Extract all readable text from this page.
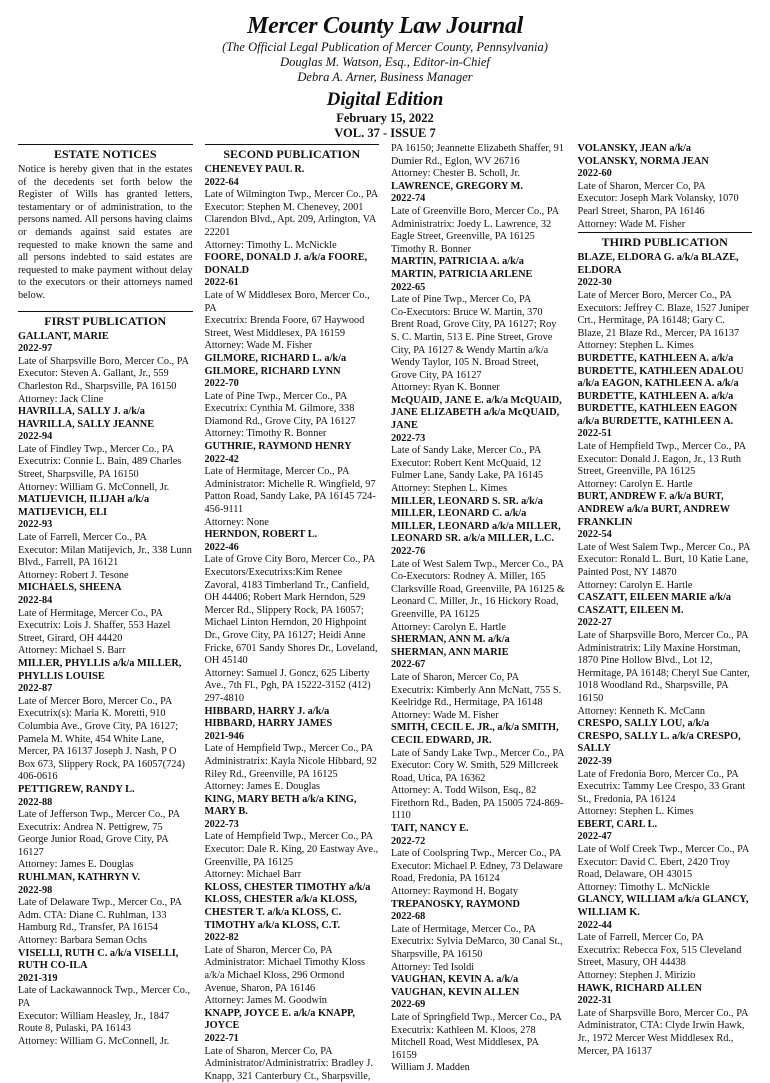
Mercer County Law Journal
(The Official Legal Publication of Mercer County, Pennsylvania)
Douglas M. Watson, Esq., Editor-in-Chief
Debra A. Arner, Business Manager
Digital Edition
February 15, 2022
VOL. 37 - ISSUE 7
ESTATE NOTICES

Notice is hereby given that in the estates of the decedents set forth below the Register of Wills has granted letters, testamentary or of administration, to the persons named. All persons having claims or demands against said estates are requested to make known the same and all persons indebted to said estates are requested to make payment without delay to the executors or their attorneys named below.

FIRST PUBLICATION

GALLANT, MARIE

2022-97

Late of Sharpsville Boro, Mercer Co., PA

Executor: Steven A. Gallant, Jr., 559 Charleston Rd., Sharpsville, PA 16150

Attorney: Jack Cline

HAVRILLA, SALLY J. a/k/a HAVRILLA, SALLY JEANNE

2022-94

Late of Findley Twp., Mercer Co., PA

Executrix: Connie L. Bain, 489 Charles Street, Sharpsville, PA 16150

Attorney: William G. McConnell, Jr.

MATIJEVICH, ILIJAH a/k/a MATIJEVICH, ELI

2022-93

Late of Farrell, Mercer Co., PA

Executor: Milan Matijevich, Jr., 338 Lunn Blvd., Farrell, PA 16121

Attorney: Robert J. Tesone

MICHAELS, SHEENA

2022-84

Late of Hermitage, Mercer Co., PA

Executrix: Lois J. Shaffer, 553 Hazel Street, Girard, OH 44420

Attorney: Michael S. Barr

MILLER, PHYLLIS a/k/a MILLER, PHYLLIS LOUISE

2022-87

Late of Mercer Boro, Mercer Co., PA

Executrix(s): Maria K. Moretti, 910 Columbia Ave., Grove City, PA 16127; Pamela M. White, 454 White Lane, Mercer, PA 16137 Joseph J. Nash, P O Box 673, Slippery Rock, PA 16057(724) 406-0616

PETTIGREW, RANDY L.

2022-88

Late of Jefferson Twp., Mercer Co., PA

Executrix: Andrea N. Pettigrew, 75 George Junior Road, Grove City, PA 16127

Attorney: James E. Douglas

RUHLMAN, KATHRYN V.

2022-98

Late of Delaware Twp., Mercer Co., PA

Adm. CTA: Diane C. Ruhlman, 133 Hamburg Rd., Transfer, PA 16154

Attorney: Barbara Seman Ochs

VISELLI, RUTH C. a/k/a VISELLI, RUTH CO-ILA

2021-319

Late of Lackawannock Twp., Mercer Co., PA

Executor: William Heasley, Jr., 1847 Route 8, Pulaski, PA 16143

Attorney: William G. McConnell, Jr.

SECOND PUBLICATION

CHENEVEY PAUL R.

2022-64

Late of Wilmington Twp., Mercer Co., PA

Executor: Stephen M. Chenevey, 2001 Clarendon Blvd., Apt. 209, Arlington, VA 22201

Attorney: Timothy L. McNickle

FOORE, DONALD J. a/k/a FOORE, DONALD

2022-61

Late of W Middlesex Boro, Mercer Co., PA

Executrix: Brenda Foore, 67 Haywood Street, West Middlesex, PA 16159

Attorney: Wade M. Fisher

GILMORE, RICHARD L. a/k/a GILMORE, RICHARD LYNN

2022-70

Late of Pine Twp., Mercer Co., PA

Executrix: Cynthia M. Gilmore, 338 Diamond Rd., Grove City, PA 16127

Attorney: Timothy R. Bonner

GUTHRIE, RAYMOND HENRY

2022-42

Late of Hermitage, Mercer Co., PA

Administrator: Michelle R. Wingfield, 97 Patton Road, Sandy Lake, PA 16145 724-456-9111

Attorney: None

HERNDON, ROBERT L.

2022-46

Late of Grove City Boro, Mercer Co., PA

Executors/Executrixs:Kim Renee Zavoral, 4183 Timberland Tr., Canfield, OH 44406; Robert Mark Herndon, 529 Mercer Rd., Slippery Rock, PA 16057; Michael Linton Herndon, 20 Highpoint Dr., Grove City, PA 16127; Heidi Anne Fricke, 6701 Sandy Shores Dr., Loveland, OH 45140

Attorney: Samuel J. Goncz, 625 Liberty Ave., 7th Fl., Pgh, PA 15222-3152 (412) 297-4810

HIBBARD, HARRY J. a/k/a HIBBARD, HARRY JAMES

2021-946

Late of Hempfield Twp., Mercer Co., PA

Administratrix: Kayla Nicole Hibbard, 92 Riley Rd., Greenville, PA 16125

Attorney: James E. Douglas

KING, MARY BETH a/k/a KING, MARY B.

2022-73

Late of Hempfield Twp., Mercer Co., PA

Executor: Dale R. King, 20 Eastway Ave., Greenville, PA 16125

Attorney: Michael Barr

KLOSS, CHESTER TIMOTHY a/k/a KLOSS, CHESTER a/k/a KLOSS, CHESTER T. a/k/a KLOSS, C. TIMOTHY a/k/a KLOSS, C.T.

2022-82

Late of Sharon, Mercer Co, PA

Administrator: Michael Timothy Kloss a/k/a Michael Kloss, 296 Ormond Avenue, Sharon, PA 16146

Attorney: James M. Goodwin

KNAPP, JOYCE E. a/k/a KNAPP, JOYCE

2022-71

Late of Sharon, Mercer Co, PA

Administrator/Administratrix: Bradley J. Knapp, 321 Canterbury Ct., Sharpsville,

PA 16150; Jeannette Elizabeth Shaffer, 91 Dumier Rd., Eglon, WV 26716

Attorney: Chester B. Scholl, Jr.

LAWRENCE, GREGORY M.

2022-74

Late of Greenville Boro, Mercer Co., PA

Administratrix: Joedy L. Lawrence, 32 Eagle Street, Greenville, PA 16125

Timothy R. Bonner

MARTIN, PATRICIA A. a/k/a MARTIN, PATRICIA ARLENE

2022-65

Late of Pine Twp., Mercer Co, PA

Co-Executors: Bruce W. Martin, 370 Brent Road, Grove City, PA 16127; Roy S. C. Martin, 513 E. Pine Street, Grove City, PA 16127 & Wendy Martin a/k/a Wendy Taylor, 105 N. Broad Street, Grove City, PA 16127

Attorney: Ryan K. Bonner

McQUAID, JANE E. a/k/a McQUAID, JANE ELIZABETH a/k/a McQUAID, JANE

2022-73

Late of Sandy Lake, Mercer Co., PA

Executor: Robert Kent McQuaid, 12 Fulmer Lane, Sandy Lake, PA 16145

Attorney: Stephen L. Kimes

MILLER, LEONARD S. SR. a/k/a MILLER, LEONARD C. a/k/a MILLER, LEONARD a/k/a MILLER, LEONARD SR. a/k/a MILLER, L.C.

2022-76

Late of West Salem Twp., Mercer Co., PA

Co-Executors: Rodney A. Miller, 165 Clarksville Road, Greenville, PA 16125 & Leonard C. Miller, Jr., 16 Hickory Road, Greenville, PA 16125

Attorney: Carolyn E. Hartle

SHERMAN, ANN M. a/k/a SHERMAN, ANN MARIE

2022-67

Late of Sharon, Mercer Co, PA

Executrix: Kimberly Ann McNatt, 755 S. Keelridge Rd., Hermitage, PA 16148

Attorney: Wade M. Fisher

SMITH, CECIL E. JR., a/k/a SMITH, CECIL EDWARD, JR.

Late of Sandy Lake Twp., Mercer Co., PA

Executor: Cory W. Smith, 529 Millcreek Road, Utica, PA 16362

Attorney: A. Todd Wilson, Esq., 82 Firethorn Rd., Baden, PA 15005 724-869-1110

TAIT, NANCY E.

2022-72

Late of Coolspring Twp., Mercer Co., PA

Executor: Michael P. Edney, 73 Delaware Road, Fredonia, PA 16124

Attorney: Raymond H. Bogaty

TREPANOSKY, RAYMOND

2022-68

Late of Hermitage, Mercer Co., PA

Executrix: Sylvia DeMarco, 30 Canal St., Sharpsville, PA 16150

Attorney: Ted Isoldi

VAUGHAN, KEVIN A. a/k/a VAUGHAN, KEVIN ALLEN

2022-69

Late of Springfield Twp., Mercer Co., PA

Executrix: Kathleen M. Kloos, 278 Mitchell Road, West Middlesex, PA 16159

William J. Madden

VOLANSKY, JEAN a/k/a VOLANSKY, NORMA JEAN

2022-60

Late of Sharon, Mercer Co, PA

Executor: Joseph Mark Volansky, 1070 Pearl Street, Sharon, PA 16146

Attorney: Wade M. Fisher

THIRD PUBLICATION

BLAZE, ELDORA G. a/k/a BLAZE, ELDORA

2022-30

Late of Mercer Boro, Mercer Co., PA

Executors: Jeffrey C. Blaze, 1527 Juniper Crt., Hermitage, PA 16148; Gary C. Blaze, 21 Blaze Rd., Mercer, PA 16137

Attorney: Stephen L. Kimes

BURDETTE, KATHLEEN A. a/k/a BURDETTE, KATHLEEN ADALOU a/k/a EAGON, KATHLEEN A. a/k/a BURDETTE, KATHLEEN A. a/k/a BURDETTE, KATHLEEN EAGON a/k/a BURDETTE, KATHLEEN A.

2022-51

Late of Hempfield Twp., Mercer Co., PA

Executor: Donald J. Eagon, Jr., 13 Ruth Street, Greenville, PA 16125

Attorney: Carolyn E. Hartle

BURT, ANDREW F. a/k/a BURT, ANDREW a/k/a BURT, ANDREW FRANKLIN

2022-54

Late of West Salem Twp., Mercer Co., PA

Executor: Ronald L. Burt, 10 Katie Lane, Painted Post, NY 14870

Attorney: Carolyn E. Hartle

CASZATT, EILEEN MARIE a/k/a CASZATT, EILEEN M.

2022-27

Late of Sharpsville Boro, Mercer Co., PA

Administratrix: Lily Maxine Horstman, 1870 Pine Hollow Blvd., Lot 12, Hermitage, PA 16148; Cheryl Sue Canter, 1018 Woodland Rd., Sharpsville, PA 16150

Attorney: Kenneth K. McCann

CRESPO, SALLY LOU, a/k/a CRESPO, SALLY L. a/k/a CRESPO, SALLY

2022-39

Late of Fredonia Boro, Mercer Co., PA

Executrix: Tammy Lee Crespo, 33 Grant St., Fredonia, PA 16124

Attorney: Stephen L. Kimes

EBERT, CARL L.

2022-47

Late of Wolf Creek Twp., Mercer Co., PA

Executor: David C. Ebert, 2420 Troy Road, Delaware, OH 43015

Attorney: Timothy L. McNickle

GLANCY, WILLIAM a/k/a GLANCY, WILLIAM K.

2022-44

Late of Farrell, Mercer Co, PA

Executrix: Rebecca Fox, 515 Cleveland Street, Masury, OH 44438

Attorney: Stephen J. Mirizio

HAWK, RICHARD ALLEN

2022-31

Late of Sharpsville Boro, Mercer Co., PA

Administrator, CTA: Clyde Irwin Hawk, Jr., 1972 Mercer West Middlesex Rd., Mercer, PA 16137
